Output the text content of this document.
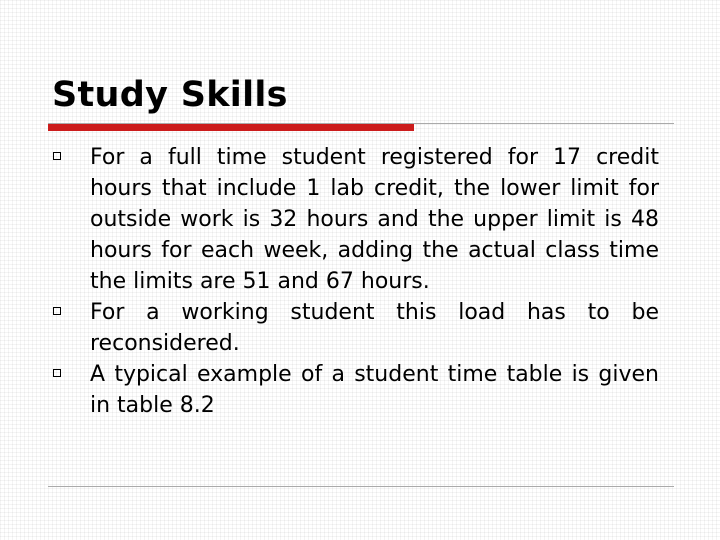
Study Skills
For a full time student registered for 17 credit hours that include 1 lab credit, the lower limit for outside work is 32 hours and the upper limit is 48 hours for each week, adding the actual class time the limits are 51 and 67 hours.
For a working student this load has to be reconsidered.
A typical example of a student time table is given in table 8.2
